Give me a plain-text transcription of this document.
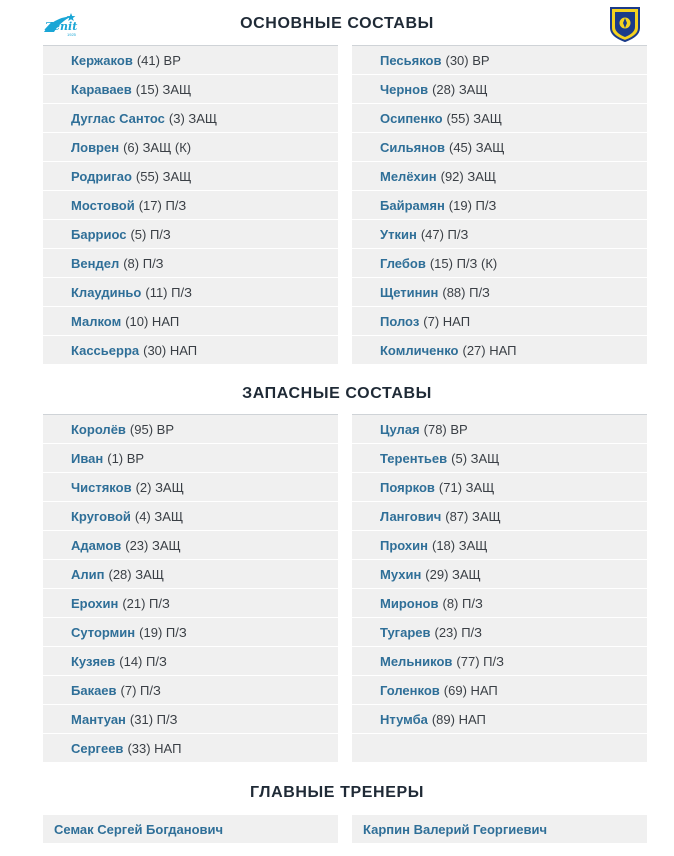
Zenit
1925
ОСНОВНЫЕ СОСТАВЫ
Кержаков (41) ВР
Караваев (15) ЗАЩ
Дуглас Сантос (3) ЗАЩ
Ловрен (6) ЗАЩ (К)
Родригао (55) ЗАЩ
Мостовой (17) П/З
Барриос (5) П/З
Вендел (8) П/З
Клаудиньо (11) П/З
Малком (10) НАП
Кассьерра (30) НАП
Песьяков (30) ВР
Чернов (28) ЗАЩ
Осипенко (55) ЗАЩ
Сильянов (45) ЗАЩ
Мелёхин (92) ЗАЩ
Байрамян (19) П/З
Уткин (47) П/З
Глебов (15) П/З (К)
Щетинин (88) П/З
Полоз (7) НАП
Комличенко (27) НАП
ЗАПАСНЫЕ СОСТАВЫ
Королёв (95) ВР
Иван (1) ВР
Чистяков (2) ЗАЩ
Круговой (4) ЗАЩ
Адамов (23) ЗАЩ
Алип (28) ЗАЩ
Ерохин (21) П/З
Сутормин (19) П/З
Кузяев (14) П/З
Бакаев (7) П/З
Мантуан (31) П/З
Сергеев (33) НАП
Цулая (78) ВР
Терентьев (5) ЗАЩ
Поярков (71) ЗАЩ
Лангович (87) ЗАЩ
Прохин (18) ЗАЩ
Мухин (29) ЗАЩ
Миронов (8) П/З
Тугарев (23) П/З
Мельников (77) П/З
Голенков (69) НАП
Нтумба (89) НАП
ГЛАВНЫЕ ТРЕНЕРЫ
Семак Сергей Богданович	Карпин Валерий Георгиевич
